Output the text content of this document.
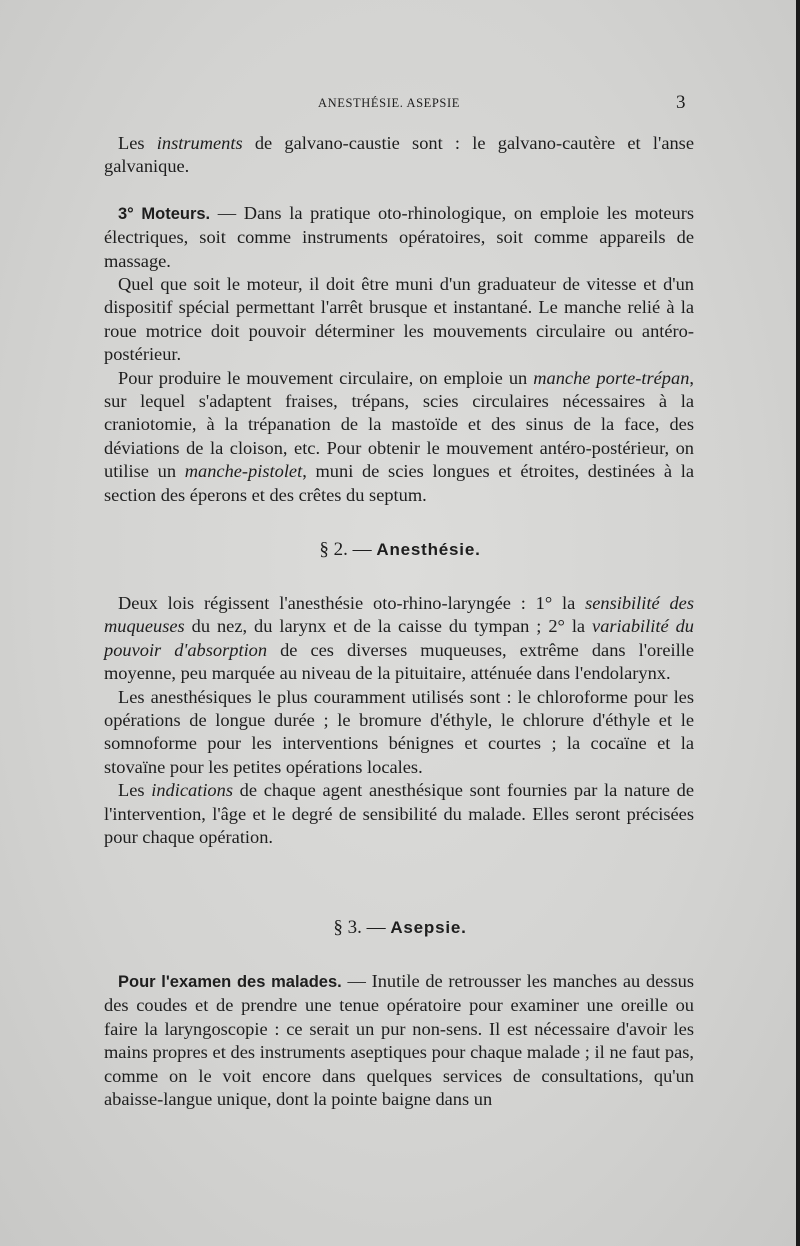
ANESTHÉSIE. ASEPSIE	3

Les instruments de galvano-caustie sont : le galvano-cautère et l'anse galvanique.

3° Moteurs. — Dans la pratique oto-rhinologique, on emploie les moteurs électriques, soit comme instruments opératoires, soit comme appareils de massage.

Quel que soit le moteur, il doit être muni d'un graduateur de vitesse et d'un dispositif spécial permettant l'arrêt brusque et instantané. Le manche relié à la roue motrice doit pouvoir déterminer les mouvements circulaire ou antéro-postérieur.

Pour produire le mouvement circulaire, on emploie un manche porte-trépan, sur lequel s'adaptent fraises, trépans, scies circulaires nécessaires à la craniotomie, à la trépanation de la mastoïde et des sinus de la face, des déviations de la cloison, etc. Pour obtenir le mouvement antéro-postérieur, on utilise un manche-pistolet, muni de scies longues et étroites, destinées à la section des éperons et des crêtes du septum.

§ 2. — Anesthésie.

Deux lois régissent l'anesthésie oto-rhino-laryngée : 1° la sensibilité des muqueuses du nez, du larynx et de la caisse du tympan ; 2° la variabilité du pouvoir d'absorption de ces diverses muqueuses, extrême dans l'oreille moyenne, peu marquée au niveau de la pituitaire, atténuée dans l'endolarynx.

Les anesthésiques le plus couramment utilisés sont : le chloroforme pour les opérations de longue durée ; le bromure d'éthyle, le chlorure d'éthyle et le somnoforme pour les interventions bénignes et courtes ; la cocaïne et la stovaïne pour les petites opérations locales.

Les indications de chaque agent anesthésique sont fournies par la nature de l'intervention, l'âge et le degré de sensibilité du malade. Elles seront précisées pour chaque opération.

§ 3. — Asepsie.

Pour l'examen des malades. — Inutile de retrousser les manches au dessus des coudes et de prendre une tenue opératoire pour examiner une oreille ou faire la laryngoscopie : ce serait un pur non-sens. Il est nécessaire d'avoir les mains propres et des instruments aseptiques pour chaque malade ; il ne faut pas, comme on le voit encore dans quelques services de consultations, qu'un abaisse-langue unique, dont la pointe baigne dans un
